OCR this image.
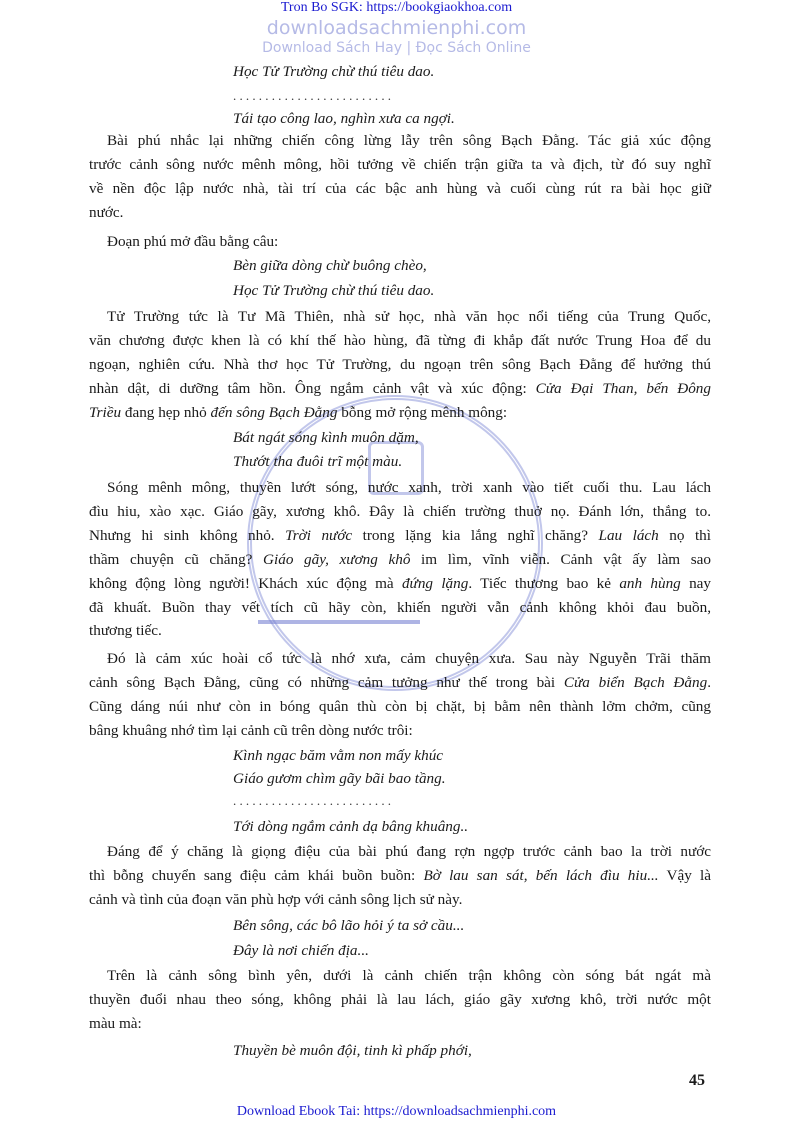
Tron Bo SGK: https://bookgiaokhoa.com
downloadsachmienphi.com
Download Sách Hay | Đọc Sách Online
Học Tử Trường chừ thú tiêu dao.
.........................
Tái tạo công lao, nghìn xưa ca ngợi.
Bài phú nhắc lại những chiến công lừng lẫy trên sông Bạch Đằng. Tác giả xúc động
trước cảnh sông nước mênh mông, hồi tưởng về chiến trận giữa ta và địch, từ đó suy nghĩ
về nền độc lập nước nhà, tài trí của các bậc anh hùng và cuối cùng rút ra bài học giữ
nước.
Đoạn phú mở đầu bằng câu:
Bèn giữa dòng chừ buông chèo,
Học Tử Trường chừ thú tiêu dao.
Tử Trường tức là Tư Mã Thiên, nhà sử học, nhà văn học nổi tiếng của Trung Quốc,
văn chương được khen là có khí thế hào hùng, đã từng đi khắp đất nước Trung Hoa để du
ngoạn, nghiên cứu. Nhà thơ học Tử Trường, du ngoạn trên sông Bạch Đằng để hưởng thú
nhàn dật, di dưỡng tâm hồn. Ông ngắm cảnh vật và xúc động: Cửa Đại Than, bến Đông
Triều đang hẹp nhỏ đến sông Bạch Đằng bỗng mở rộng mênh mông:
Bát ngát sóng kình muôn dặm,
Thướt tha đuôi trĩ một màu.
Sóng mênh mông, thuyền lướt sóng, nước xanh, trời xanh vào tiết cuối thu. Lau lách
đìu hiu, xào xạc. Giáo gãy, xương khô. Đây là chiến trường thuở nọ. Đánh lớn, thắng to.
Nhưng hi sinh không nhỏ. Trời nước trong lặng kia lắng nghĩ chăng? Lau lách nọ thì
thầm chuyện cũ chăng? Giáo gãy, xương khô im lìm, vĩnh viễn. Cảnh vật ấy làm sao
không động lòng người! Khách xúc động mà đứng lặng. Tiếc thương bao kẻ anh hùng nay
đã khuất. Buồn thay vết tích cũ hãy còn, khiến người vẫn cảnh không khỏi đau buồn,
thương tiếc.
Đó là cảm xúc hoài cổ tức là nhớ xưa, cảm chuyện xưa. Sau này Nguyễn Trãi thăm
cảnh sông Bạch Đằng, cũng có những cảm tưởng như thế trong bài Cửa biển Bạch Đằng.
Cũng dáng núi như còn in bóng quân thù còn bị chặt, bị bằm nên thành lởm chởm, cũng
bâng khuâng nhớ tìm lại cảnh cũ trên dòng nước trôi:
Kình ngạc băm vằm non mấy khúc
Giáo gươm chìm gãy bãi bao tầng.
.........................
Tới dòng ngắm cảnh dạ bâng khuâng..
Đáng để ý chăng là giọng điệu của bài phú đang rợn ngợp trước cảnh bao la trời nước
thì bỗng chuyển sang điệu cảm khái buồn buồn: Bờ lau san sát, bến lách đìu hiu... Vậy là
cảnh và tình của đoạn văn phù hợp với cảnh sông lịch sử này.
Bên sông, các bô lão hỏi ý ta sở cầu...
Đây là nơi chiến địa...
Trên là cảnh sông bình yên, dưới là cảnh chiến trận không còn sóng bát ngát mà
thuyền đuổi nhau theo sóng, không phải là lau lách, giáo gãy xương khô, trời nước một
màu mà:
Thuyền bè muôn đội, tinh kì phấp phới,
45
Download Ebook Tai: https://downloadsachmienphi.com
